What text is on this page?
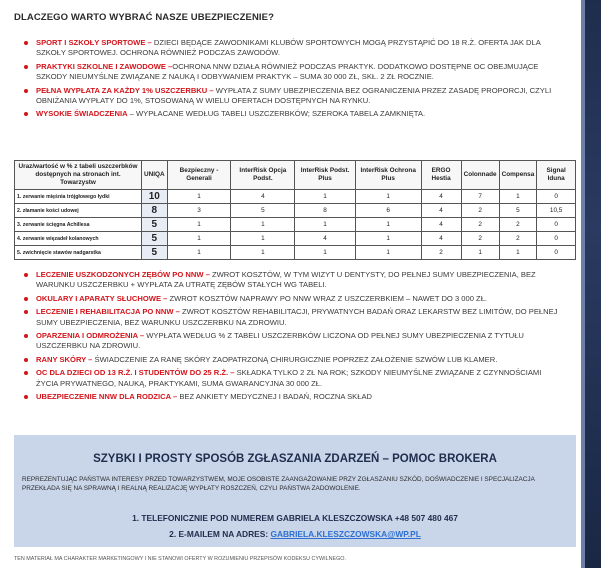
DLACZEGO WARTO WYBRAĆ NASZE UBEZPIECZENIE?
SPORT I SZKOŁY SPORTOWE – DZIECI BĘDĄCE ZAWODNIKAMI KLUBÓW SPORTOWYCH MOGĄ PRZYSTĄPIĆ DO 18 R.Ż. OFERTA JAK DLA SZKOŁY SPORTOWEJ. OCHRONA RÓWNIEŻ PODCZAS ZAWODÓW.
PRAKTYKI SZKOLNE I ZAWODOWE –OCHRONA NNW DZIAŁA RÓWNIEŻ PODCZAS PRAKTYK. DODATKOWO DOSTĘPNE OC OBEJMUJĄCE SZKODY NIEUMYŚLNE ZWIĄZANE Z NAUKĄ I ODBYWANIEM PRAKTYK – SUMA 30 000 ZŁ, SKŁ. 2 ZŁ ROCZNIE.
PEŁNA WYPŁATA ZA KAŻDY 1% USZCZERBKU – WYPŁATA Z SUMY UBEZPIECZENIA BEZ OGRANICZENIA PRZEZ ZASADĘ PROPORCJI, CZYLI OBNIŻANIA WYPŁATY DO 1%, STOSOWANĄ W WIELU OFERTACH DOSTĘPNYCH NA RYNKU.
WYSOKIE ŚWIADCZENIA – WYPŁACANE WEDŁUG TABELI USZCZERBKÓW; SZEROKA TABELA ZAMKNIĘTA.
Uraz/wartość w % z tabeli uszczerbków dostępnych na stronach int. Towarzystw	UNIQA	Bezpieczny - Generali	InterRisk Opcja Podst.	InterRisk Podst. Plus	InterRisk Ochrona Plus	ERGO Hestia	Colonnade	Compensa	Signal Iduna
1. zerwanie mięśnia trójgłowego łydki	10	1	4	1	1	4	7	1	0
2. złamanie kości udowej	8	3	5	8	6	4	2	5	10,5
3. zerwanie ścięgna Achillesa	5	1	1	1	1	4	2	2	0
4. zerwanie więzadeł kolanowych	5	1	1	4	1	4	2	2	0
5. zwichnięcie stawów nadgarstka	5	1	1	1	1	2	1	1	0
LECZENIE USZKODZONYCH ZĘBÓW PO NNW – ZWROT KOSZTÓW, W TYM WIZYT U DENTYSTY, DO PEŁNEJ SUMY UBEZPIECZENIA, BEZ WARUNKU USZCZERBKU + WYPŁATA ZA UTRATĘ ZĘBÓW STAŁYCH WG TABELI.
OKULARY I APARATY SŁUCHOWE – ZWROT KOSZTÓW NAPRAWY PO NNW WRAZ Z USZCZERBKIEM – NAWET DO 3 000 ZŁ.
LECZENIE I REHABILITACJA PO NNW – ZWROT KOSZTÓW REHABILITACJI, PRYWATNYCH BADAŃ ORAZ LEKARSTW BEZ LIMITÓW, DO PEŁNEJ SUMY UBEZPIECZENIA, BEZ WARUNKU USZCZERBKU NA ZDROWIU.
OPARZENIA I ODMROŻENIA – WYPŁATA WEDŁUG % Z TABELI USZCZERBKÓW LICZONA OD PEŁNEJ SUMY UBEZPIECZENIA Z TYTUŁU USZCZERBKU NA ZDROWIU.
RANY SKÓRY – ŚWIADCZENIE ZA RANĘ SKÓRY ZAOPATRZONĄ CHIRURGICZNIE POPRZEZ ZAŁOŻENIE SZWÓW LUB KLAMER.
OC DLA DZIECI OD 13 R.Ż. I STUDENTÓW DO 25 R.Ż. – SKŁADKA TYLKO 2 ZŁ NA ROK; SZKODY NIEUMYŚLNE ZWIĄZANE Z CZYNNOŚCIAMI ŻYCIA PRYWATNEGO, NAUKĄ, PRAKTYKAMI, SUMA GWARANCYJNA 30 000 ZŁ.
UBEZPIECZENIE NNW DLA RODZICA – BEZ ANKIETY MEDYCZNEJ I BADAŃ, ROCZNA SKŁAD
SZYBKI I PROSTY SPOSÓB ZGŁASZANIA ZDARZEŃ – POMOC BROKERA

REPREZENTUJĄC PAŃSTWA INTERESY PRZED TOWARZYSTWEM, MOJE OSOBISTE ZAANGAŻOWANIE PRZY ZGŁASZANIU SZKÓD, DOŚWIADCZENIE I SPECJALIZACJA PRZEKŁADA SIĘ NA SPRAWNĄ I REALNĄ REALIZACJĘ WYPŁATY ROSZCZEŃ, CZYLI PAŃSTWA ZADOWOLENIE.

1. TELEFONICZNIE POD NUMEREM GABRIELA KLESZCZOWSKA +48 507 480 467
2. E-MAILEM NA ADRES: GABRIELA.KLESZCZOWSKA@WP.PL
TEN MATERIAŁ MA CHARAKTER MARKETINGOWY I NIE STANOWI OFERTY W ROZUMIENIU PRZEPISÓW KODEKSU CYWILNEGO.
